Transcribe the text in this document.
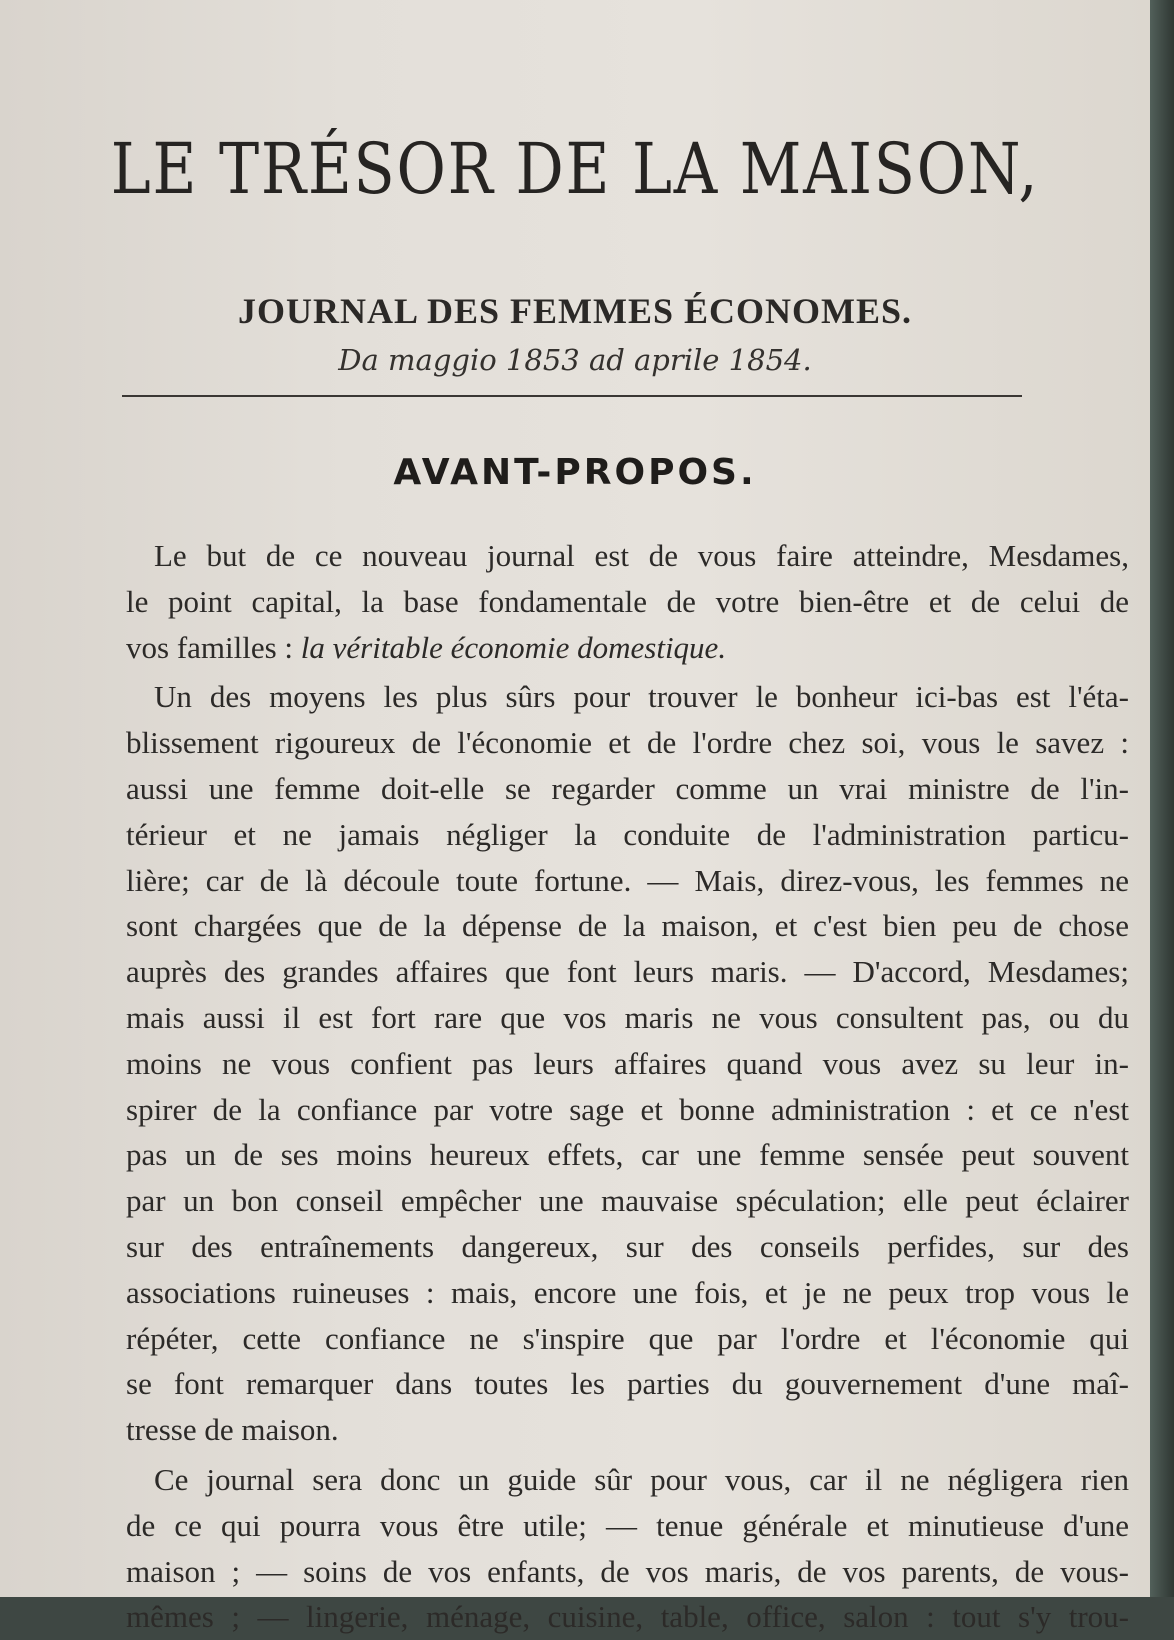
LE TRÉSOR DE LA MAISON,
JOURNAL DES FEMMES ÉCONOMES.
Da maggio 1853 ad aprile 1854.
AVANT-PROPOS.
Le but de ce nouveau journal est de vous faire atteindre, Mesdames,
le point capital, la base fondamentale de votre bien-être et de celui de
vos familles : la véritable économie domestique.
Un des moyens les plus sûrs pour trouver le bonheur ici-bas est l'éta-
blissement rigoureux de l'économie et de l'ordre chez soi, vous le savez :
aussi une femme doit-elle se regarder comme un vrai ministre de l'in-
térieur et ne jamais négliger la conduite de l'administration particu-
lière; car de là découle toute fortune. — Mais, direz-vous, les femmes ne
sont chargées que de la dépense de la maison, et c'est bien peu de chose
auprès des grandes affaires que font leurs maris. — D'accord, Mesdames;
mais aussi il est fort rare que vos maris ne vous consultent pas, ou du
moins ne vous confient pas leurs affaires quand vous avez su leur in-
spirer de la confiance par votre sage et bonne administration : et ce n'est
pas un de ses moins heureux effets, car une femme sensée peut souvent
par un bon conseil empêcher une mauvaise spéculation; elle peut éclairer
sur des entraînements dangereux, sur des conseils perfides, sur des
associations ruineuses : mais, encore une fois, et je ne peux trop vous le
répéter, cette confiance ne s'inspire que par l'ordre et l'économie qui
se font remarquer dans toutes les parties du gouvernement d'une maî-
tresse de maison.
Ce journal sera donc un guide sûr pour vous, car il ne négligera rien
de ce qui pourra vous être utile; — tenue générale et minutieuse d'une
maison ; — soins de vos enfants, de vos maris, de vos parents, de vous-
mêmes ; — lingerie, ménage, cuisine, table, office, salon : tout s'y trou-
